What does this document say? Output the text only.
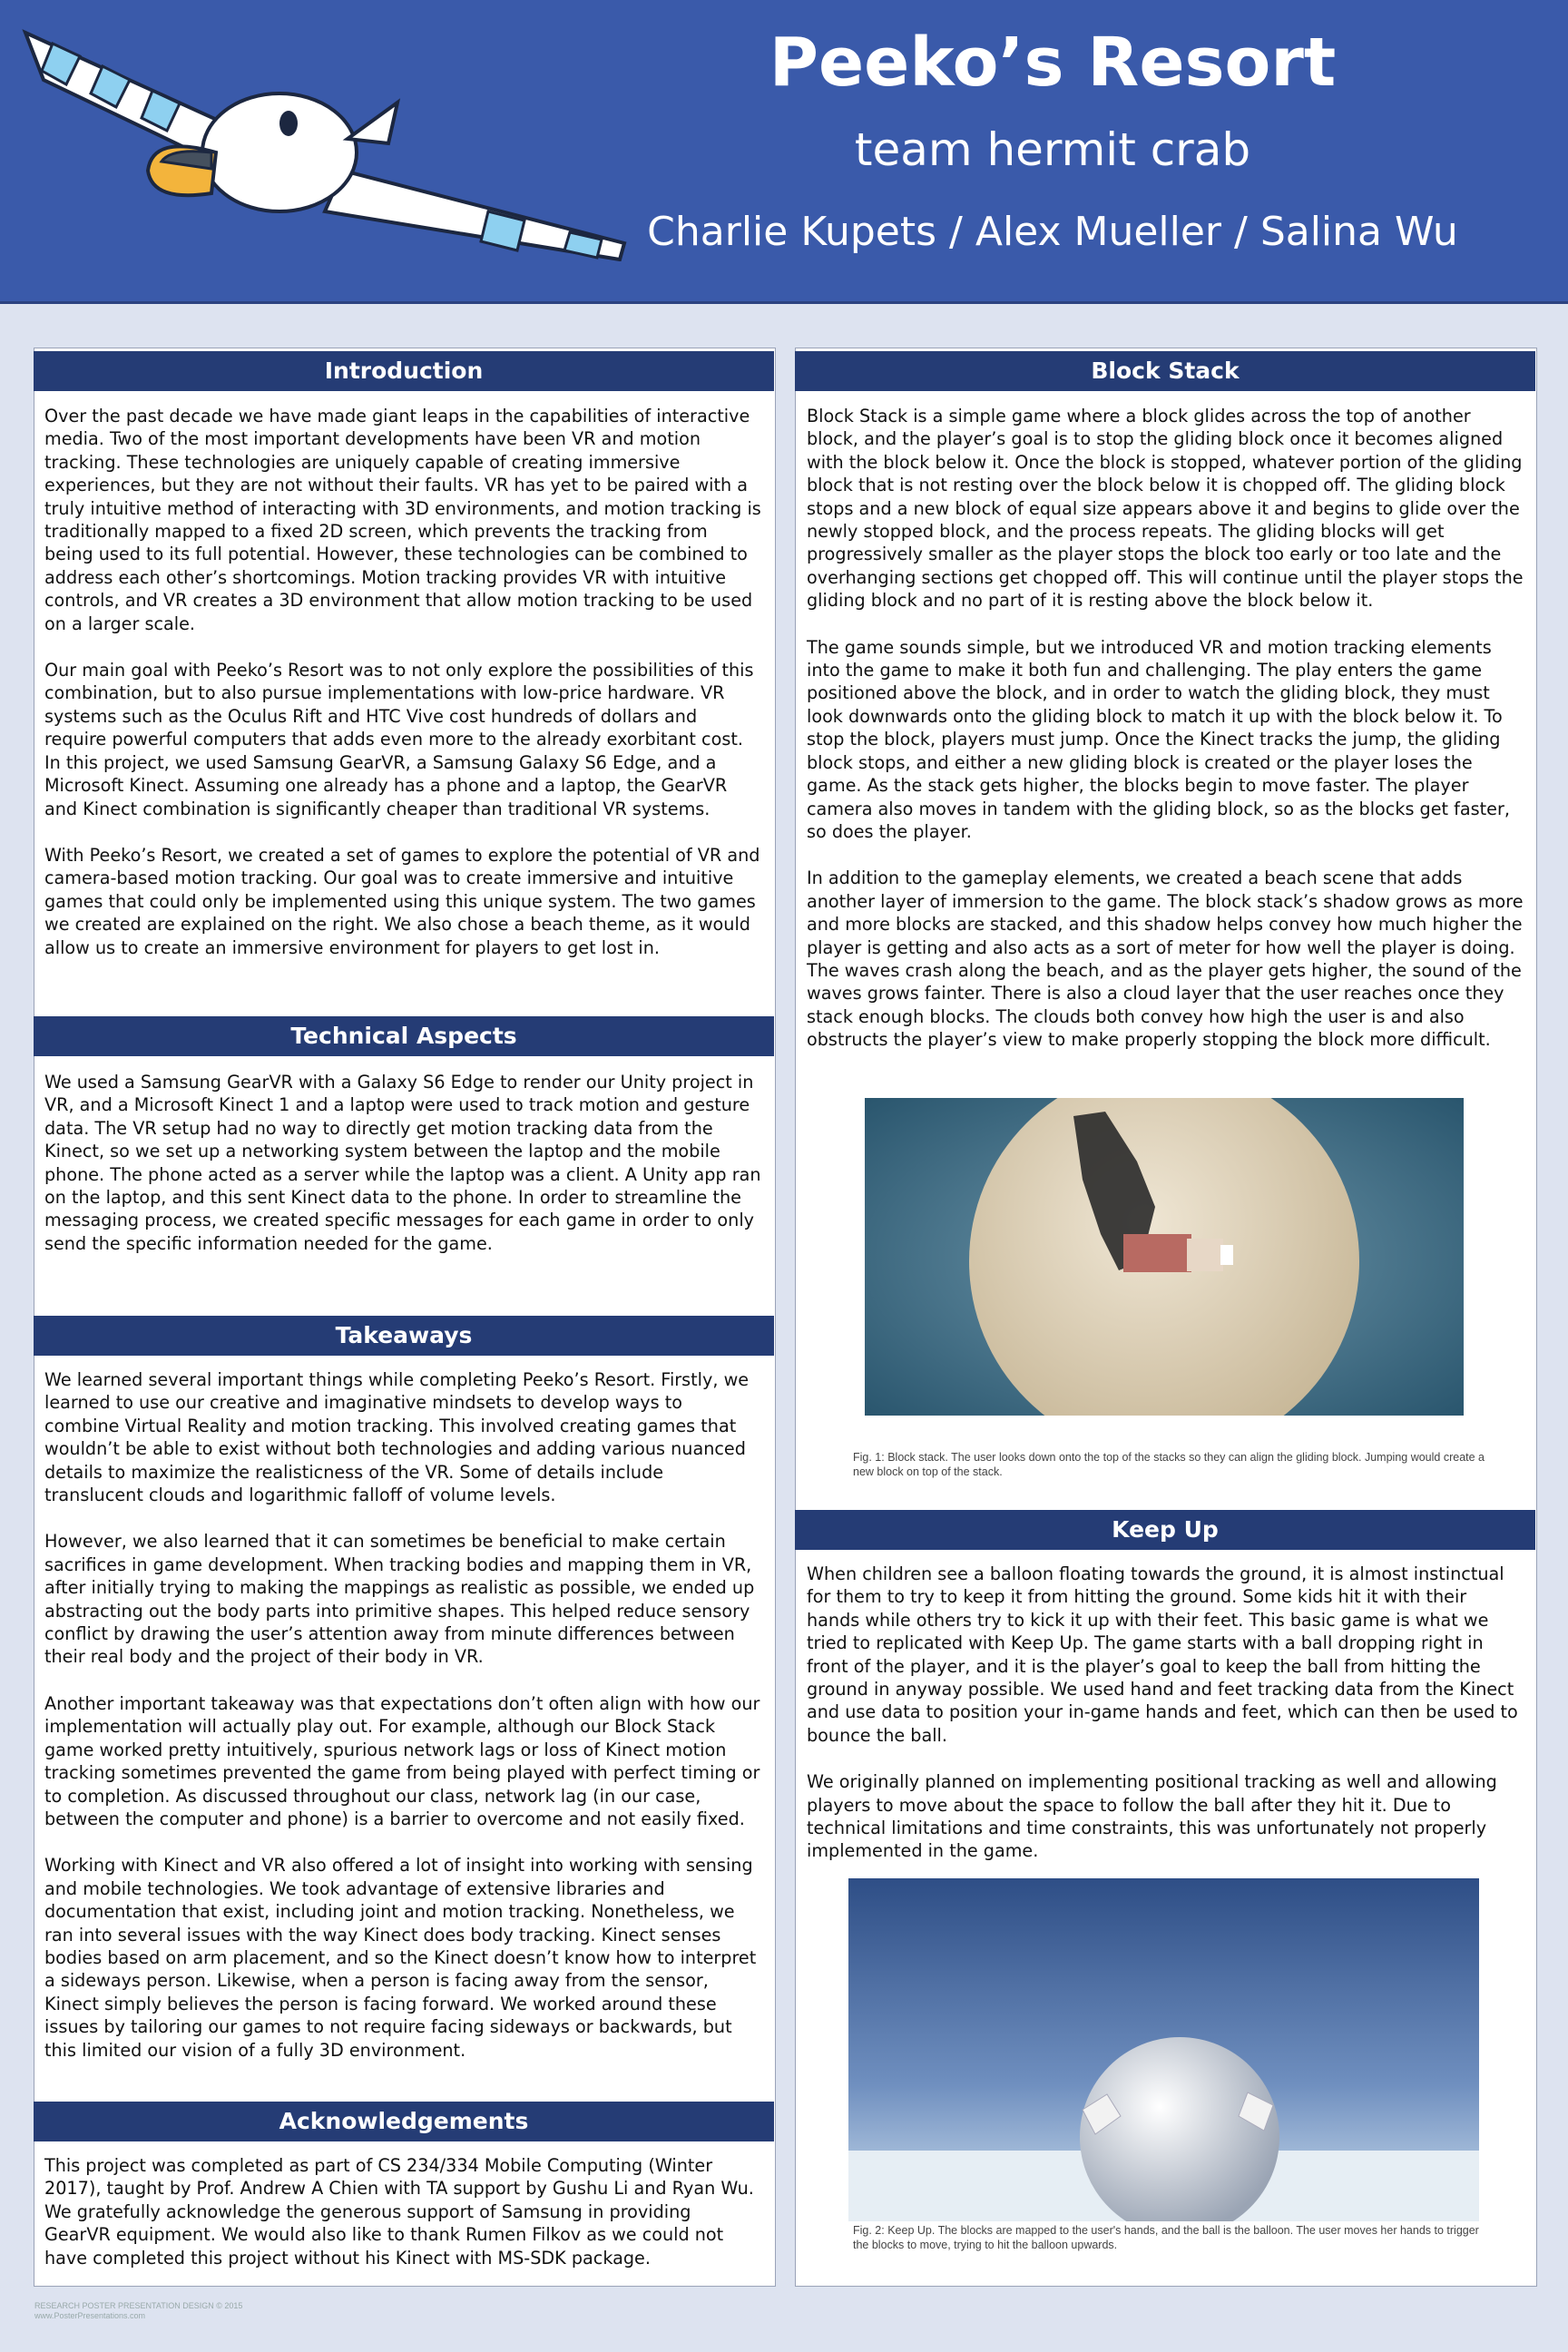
Peeko’s Resort
team hermit crab
Charlie Kupets / Alex Mueller / Salina Wu
Introduction

Over the past decade we have made giant leaps in the capabilities of interactive media. Two of the most important developments have been VR and motion tracking. These technologies are uniquely capable of creating immersive experiences, but they are not without their faults. VR has yet to be paired with a truly intuitive method of interacting with 3D environments, and motion tracking is traditionally mapped to a fixed 2D screen, which prevents the tracking from being used to its full potential. However, these technologies can be combined to address each other’s shortcomings. Motion tracking provides VR with intuitive controls, and VR creates a 3D environment that allow motion tracking to be used on a larger scale.

Our main goal with Peeko’s Resort was to not only explore the possibilities of this combination, but to also pursue implementations with low-price hardware. VR systems such as the Oculus Rift and HTC Vive cost hundreds of dollars and require powerful computers that adds even more to the already exorbitant cost. In this project, we used Samsung GearVR, a Samsung Galaxy S6 Edge, and a Microsoft Kinect. Assuming one already has a phone and a laptop, the GearVR and Kinect combination is significantly cheaper than traditional VR systems.

With Peeko’s Resort, we created a set of games to explore the potential of VR and camera-based motion tracking. Our goal was to create immersive and intuitive games that could only be implemented using this unique system. The two games we created are explained on the right. We also chose a beach theme, as it would allow us to create an immersive environment for players to get lost in.

Technical Aspects

We used a Samsung GearVR with a Galaxy S6 Edge to render our Unity project in VR, and a Microsoft Kinect 1 and a laptop were used to track motion and gesture data. The VR setup had no way to directly get motion tracking data from the Kinect, so we set up a networking system between the laptop and the mobile phone. The phone acted as a server while the laptop was a client. A Unity app ran on the laptop, and this sent Kinect data to the phone. In order to streamline the messaging process, we created specific messages for each game in order to only send the specific information needed for the game.

Takeaways

We learned several important things while completing Peeko’s Resort. Firstly, we learned to use our creative and imaginative mindsets to develop ways to combine Virtual Reality and motion tracking. This involved creating games that wouldn’t be able to exist without both technologies and adding various nuanced details to maximize the realisticness of the VR. Some of details include translucent clouds and logarithmic falloff of volume levels.

However, we also learned that it can sometimes be beneficial to make certain sacrifices in game development. When tracking bodies and mapping them in VR, after initially trying to making the mappings as realistic as possible, we ended up abstracting out the body parts into primitive shapes. This helped reduce sensory conflict by drawing the user’s attention away from minute differences between their real body and the project of their body in VR.

Another important takeaway was that expectations don’t often align with how our implementation will actually play out. For example, although our Block Stack game worked pretty intuitively, spurious network lags or loss of Kinect motion tracking sometimes prevented the game from being played with perfect timing or to completion. As discussed throughout our class, network lag (in our case, between the computer and phone) is a barrier to overcome and not easily fixed.

Working with Kinect and VR also offered a lot of insight into working with sensing and mobile technologies. We took advantage of extensive libraries and documentation that exist, including joint and motion tracking. Nonetheless, we ran into several issues with the way Kinect does body tracking. Kinect senses bodies based on arm placement, and so the Kinect doesn’t know how to interpret a sideways person. Likewise, when a person is facing away from the sensor, Kinect simply believes the person is facing forward. We worked around these issues by tailoring our games to not require facing sideways or backwards, but this limited our vision of a fully 3D environment.

Acknowledgements

This project was completed as part of CS 234/334 Mobile Computing (Winter 2017), taught by Prof. Andrew A Chien with TA support by Gushu Li and Ryan Wu. We gratefully acknowledge the generous support of Samsung in providing GearVR equipment. We would also like to thank Rumen Filkov as we could not have completed this project without his Kinect with MS-SDK package.

Block Stack

Block Stack is a simple game where a block glides across the top of another block, and the player’s goal is to stop the gliding block once it becomes aligned with the block below it. Once the block is stopped, whatever portion of the gliding block that is not resting over the block below it is chopped off. The gliding block stops and a new block of equal size appears above it and begins to glide over the newly stopped block, and the process repeats. The gliding blocks will get progressively smaller as the player stops the block too early or too late and the overhanging sections get chopped off. This will continue until the player stops the gliding block and no part of it is resting above the block below it.

The game sounds simple, but we introduced VR and motion tracking elements into the game to make it both fun and challenging. The play enters the game positioned above the block, and in order to watch the gliding block, they must look downwards onto the gliding block to match it up with the block below it. To stop the block, players must jump. Once the Kinect tracks the jump, the gliding block stops, and either a new gliding block is created or the player loses the game. As the stack gets higher, the blocks begin to move faster. The player camera also moves in tandem with the gliding block, so as the blocks get faster, so does the player.

In addition to the gameplay elements, we created a beach scene that adds another layer of immersion to the game. The block stack’s shadow grows as more and more blocks are stacked, and this shadow helps convey how much higher the player is getting and also acts as a sort of meter for how well the player is doing. The waves crash along the beach, and as the player gets higher, the sound of the waves grows fainter. There is also a cloud layer that the user reaches once they stack enough blocks. The clouds both convey how high the user is and also obstructs the player’s view to make properly stopping the block more difficult.

Fig. 1: Block stack. The user looks down onto the top of the stacks so they can align the gliding block. Jumping would create a new block on top of the stack.
Keep Up

When children see a balloon floating towards the ground, it is almost instinctual for them to try to keep it from hitting the ground. Some kids hit it with their hands while others try to kick it up with their feet. This basic game is what we tried to replicated with Keep Up. The game starts with a ball dropping right in front of the player, and it is the player’s goal to keep the ball from hitting the ground in anyway possible. We used hand and feet tracking data from the Kinect and use data to position your in-game hands and feet, which can then be used to bounce the ball.

We originally planned on implementing positional tracking as well and allowing players to move about the space to follow the ball after they hit it. Due to technical limitations and time constraints, this was unfortunately not properly implemented in the game.

Fig. 2: Keep Up. The blocks are mapped to the user's hands, and the ball is the balloon. The user moves her hands to trigger the blocks to move, trying to hit the balloon upwards.
RESEARCH POSTER PRESENTATION DESIGN © 2015
www.PosterPresentations.com
